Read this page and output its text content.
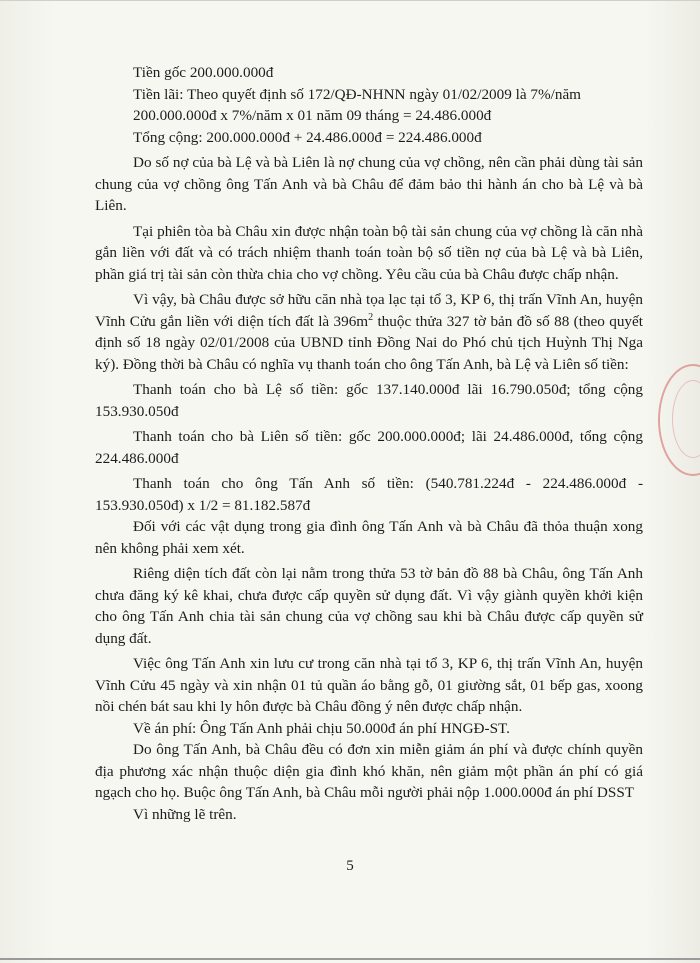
Tiền gốc 200.000.000đ

Tiền lãi: Theo quyết định số 172/QĐ-NHNN ngày 01/02/2009 là 7%/năm

200.000.000đ x 7%/năm x 01 năm 09 tháng = 24.486.000đ

Tổng cộng: 200.000.000đ + 24.486.000đ = 224.486.000đ

Do số nợ của bà Lệ và bà Liên là nợ chung của vợ chồng, nên cần phải dùng tài sản chung của vợ chồng ông Tấn Anh và bà Châu để đảm bảo thi hành án cho bà Lệ và bà Liên.

Tại phiên tòa bà Châu xin được nhận toàn bộ tài sản chung của vợ chồng là căn nhà gắn liền với đất và có trách nhiệm thanh toán toàn bộ số tiền nợ của bà Lệ và bà Liên, phần giá trị tài sản còn thừa chia cho vợ chồng. Yêu cầu của bà Châu được chấp nhận.

Vì vậy, bà Châu được sở hữu căn nhà tọa lạc tại tổ 3, KP 6, thị trấn Vĩnh An, huyện Vĩnh Cửu gắn liền với diện tích đất là $396m^2$ thuộc thửa 327 tờ bản đồ số 88 (theo quyết định số 18 ngày 02/01/2008 của UBND tỉnh Đồng Nai do Phó chủ tịch Huỳnh Thị Nga ký). Đồng thời bà Châu có nghĩa vụ thanh toán cho ông Tấn Anh, bà Lệ và Liên số tiền:

Thanh toán cho bà Lệ số tiền: gốc 137.140.000đ lãi 16.790.050đ; tổng cộng 153.930.050đ

Thanh toán cho bà Liên số tiền: gốc 200.000.000đ; lãi 24.486.000đ, tổng cộng 224.486.000đ

Thanh toán cho ông Tấn Anh số tiền: (540.781.224đ - 224.486.000đ - 153.930.050đ) x 1/2 = 81.182.587đ

Đối với các vật dụng trong gia đình ông Tấn Anh và bà Châu đã thỏa thuận xong nên không phải xem xét.

Riêng diện tích đất còn lại nằm trong thửa 53 tờ bản đồ 88 bà Châu, ông Tấn Anh chưa đăng ký kê khai, chưa được cấp quyền sử dụng đất. Vì vậy giành quyền khởi kiện cho ông Tấn Anh chia tài sản chung của vợ chồng sau khi bà Châu được cấp quyền sử dụng đất.

Việc ông Tấn Anh xin lưu cư trong căn nhà tại tổ 3, KP 6, thị trấn Vĩnh An, huyện Vĩnh Cửu 45 ngày và xin nhận 01 tủ quần áo bằng gỗ, 01 giường sắt, 01 bếp gas, xoong nồi chén bát sau khi ly hôn được bà Châu đồng ý nên được chấp nhận.

Về án phí: Ông Tấn Anh phải chịu 50.000đ án phí HNGĐ-ST.

Do ông Tấn Anh, bà Châu đều có đơn xin miễn giảm án phí và được chính quyền địa phương xác nhận thuộc diện gia đình khó khăn, nên giảm một phần án phí có giá ngạch cho họ. Buộc ông Tấn Anh, bà Châu mỗi người phải nộp 1.000.000đ án phí DSST

Vì những lẽ trên.

5
